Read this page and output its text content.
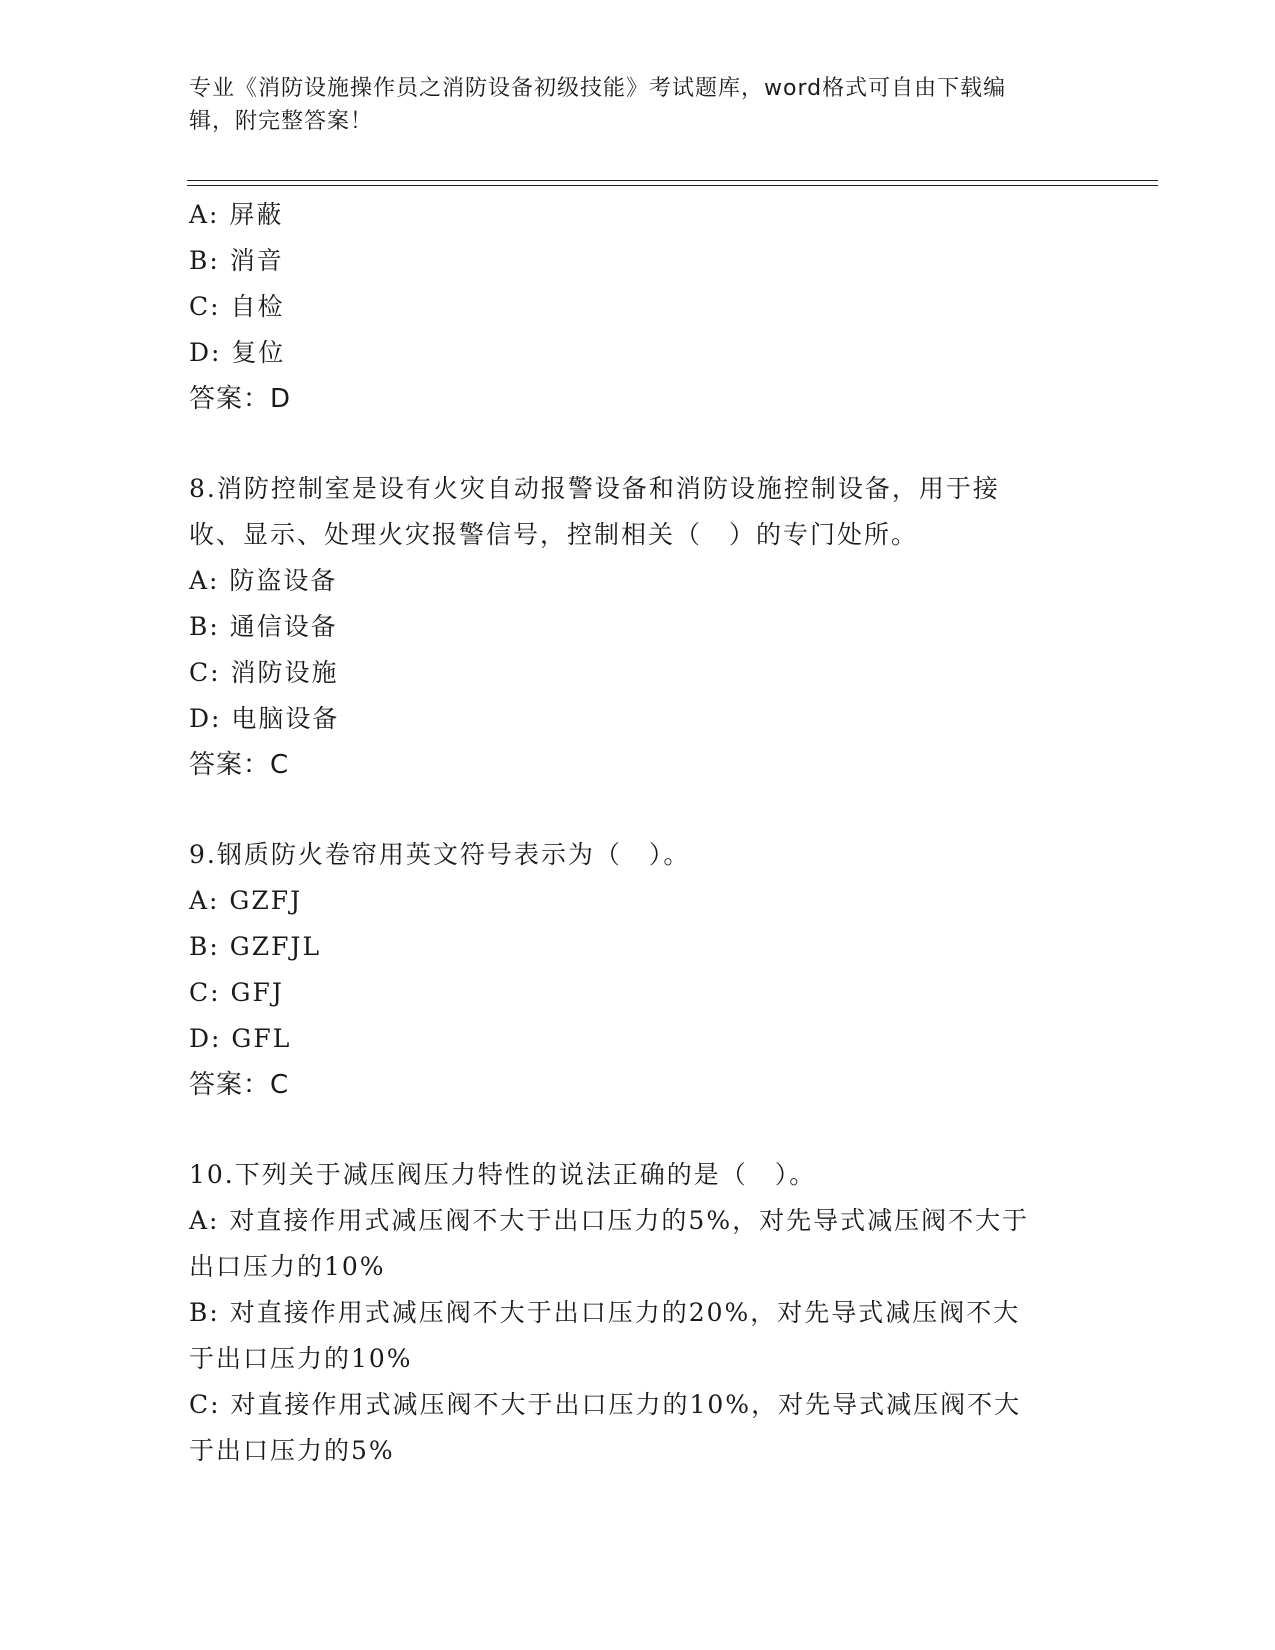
专业《消防设施操作员之消防设备初级技能》考试题库，word格式可自由下载编
辑，附完整答案！
A: 屏蔽
B: 消音
C: 自检
D: 复位
答案：D
8.消防控制室是设有火灾自动报警设备和消防设施控制设备，用于接
收、显示、处理火灾报警信号，控制相关（　）的专门处所。
A: 防盗设备
B: 通信设备
C: 消防设施
D: 电脑设备
答案：C
9.钢质防火卷帘用英文符号表示为（　）。
A: GZFJ
B: GZFJL
C: GFJ
D: GFL
答案：C
10.下列关于减压阀压力特性的说法正确的是（　）。
A: 对直接作用式减压阀不大于出口压力的5%，对先导式减压阀不大于
出口压力的10%
B: 对直接作用式减压阀不大于出口压力的20%，对先导式减压阀不大
于出口压力的10%
C: 对直接作用式减压阀不大于出口压力的10%，对先导式减压阀不大
于出口压力的5%
